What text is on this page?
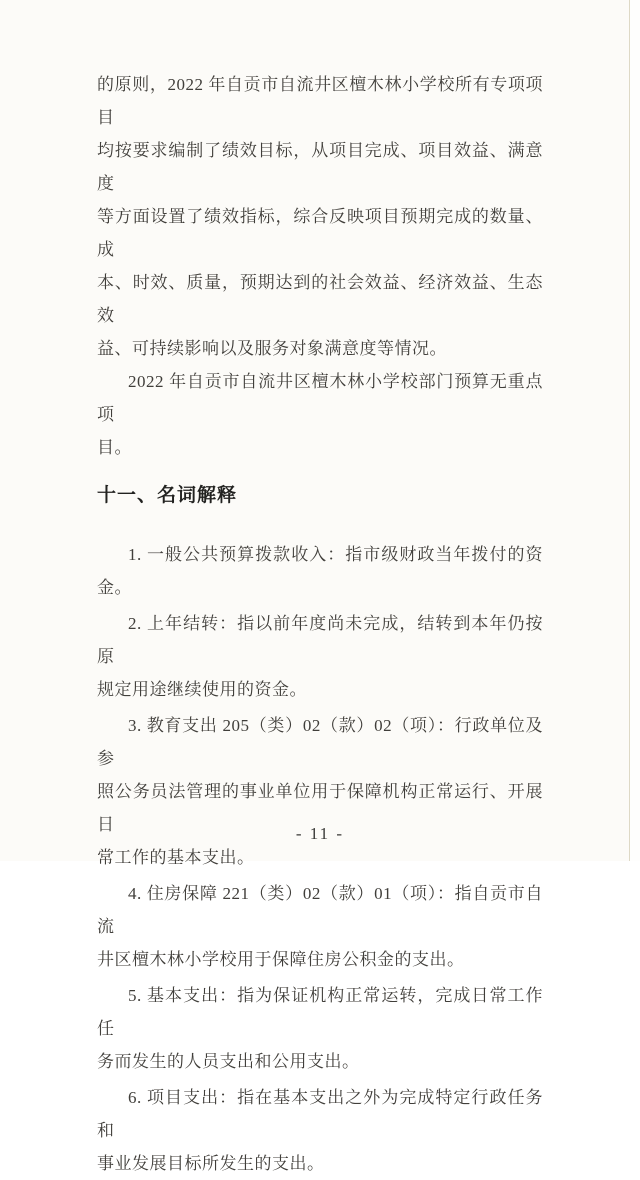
的原则，2022 年自贡市自流井区檀木林小学校所有专项项目
均按要求编制了绩效目标，从项目完成、项目效益、满意度
等方面设置了绩效指标，综合反映项目预期完成的数量、成
本、时效、质量，预期达到的社会效益、经济效益、生态效
益、可持续影响以及服务对象满意度等情况。

2022 年自贡市自流井区檀木林小学校部门预算无重点项
目。

十一、名词解释

1. 一般公共预算拨款收入：指市级财政当年拨付的资
金。

2. 上年结转：指以前年度尚未完成，结转到本年仍按原
规定用途继续使用的资金。

3. 教育支出 205（类）02（款）02（项）：行政单位及参
照公务员法管理的事业单位用于保障机构正常运行、开展日
常工作的基本支出。

4. 住房保障 221（类）02（款）01（项）：指自贡市自流
井区檀木林小学校用于保障住房公积金的支出。

5. 基本支出：指为保证机构正常运转，完成日常工作任
务而发生的人员支出和公用支出。

6. 项目支出：指在基本支出之外为完成特定行政任务和
事业发展目标所发生的支出。

- 11 -
